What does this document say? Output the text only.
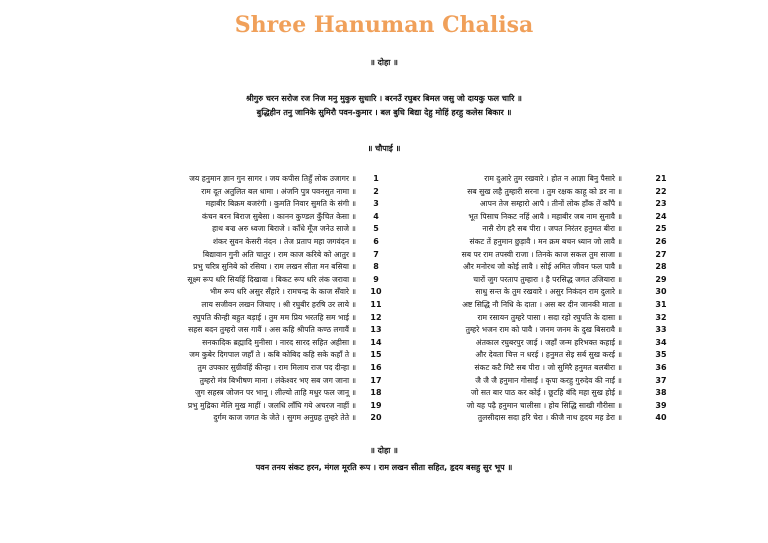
Shree Hanuman Chalisa
॥ दोहा ॥
श्रीगुरु चरन सरोज रज निज मनु मुकुरु सुधारि । बरनउँ रघुबर बिमल जसु जो दायकु फल चारि ॥
बुद्धिहीन तनु जानिके सुमिरौ पवन-कुमार । बल बुधि बिद्या देहु मोहिं हरहु कलेस बिकार ॥
॥ चौपाई ॥
जय हनुमान ज्ञान गुन सागर । जय कपीस तिहुँ लोक उजागर ॥	1
राम दूत अतुलित बल धामा । अंजनि पुत्र पवनसुत नामा ॥	2
महाबीर बिक्रम बजरंगी । कुमति निवार सुमति के संगी ॥	3
कंचन बरन बिराज सुबेसा । कानन कुण्डल कुँचित केसा ॥	4
हाथ बज्र अरु ध्वजा बिराजे । काँधे मूँज जनेउ साजे ॥	5
शंकर सुवन केसरी नंदन । तेज प्रताप महा जगवंदन ॥	6
बिद्यावान गुनी अति चातुर । राम काज करिबे को आतुर ॥	7
प्रभु चरित्र सुनिबे को रसिया । राम लखन सीता मन बसिया ॥	8
सूक्ष्म रूप धरि सियहिं दिखावा । बिकट रूप धरि लंक जरावा ॥	9
भीम रूप धरि असुर सँहारे । रामचन्द्र के काज सँवारे ॥	10
लाय सजीवन लखन जियाए । श्री रघुबीर हरषि उर लाये ॥	11
रघुपति कीन्ही बहुत बड़ाई । तुम मम प्रिय भरतहि सम भाई ॥	12
सहस बदन तुम्हरो जस गावैं । अस कहि श्रीपति कण्ठ लगावैं ॥	13
सनकादिक ब्रह्मादि मुनीसा । नारद सारद सहित अहीसा ॥	14
जम कुबेर दिगपाल जहाँ ते । कबि कोबिद कहि सके कहाँ ते ॥	15
तुम उपकार सुग्रीवहिं कीन्हा । राम मिलाय राज पद दीन्हा ॥	16
तुम्हरो मंत्र बिभीषण माना । लंकेश्वर भए सब जग जाना ॥	17
जुग सहस्त्र जोजन पर भानू । लील्यो ताहि मधुर फल जानू ॥	18
प्रभु मुद्रिका मेलि मुख माहीं । जलधि लाँघि गये अचरज नाहीं ॥	19
दुर्गम काज जगत के जेते । सुगम अनुग्रह तुम्हरे तेते ॥	20
राम दुआरे तुम रखवारे । होत न आज्ञा बिनु पैसारे ॥	21
सब सुख लहै तुम्हारी सरना । तुम रक्षक काहू को डर ना ॥	22
आपन तेज सम्हारो आपै । तीनों लोक हाँक तें काँपै ॥	23
भूत पिसाच निकट नहिं आवै । महाबीर जब नाम सुनावै ॥	24
नासै रोग हरै सब पीरा । जपत निरंतर हनुमत बीरा ॥	25
संकट तें हनुमान छुड़ावै । मन क्रम बचन ध्यान जो लावै ॥	26
सब पर राम तपस्वी राजा । तिनके काज सकल तुम साजा ॥	27
और मनोरथ जो कोई लावै । सोई अमित जीवन फल पावै ॥	28
चारों जुग परताप तुम्हारा । है परसिद्ध जगत उजियारा ॥	29
साधु सन्त के तुम रखवारे । असुर निकंदन राम दुलारे ॥	30
अष्ट सिद्धि नौ निधि के दाता । अस बर दीन जानकी माता ॥	31
राम रसायन तुम्हरे पासा । सदा रहो रघुपति के दासा ॥	32
तुम्हरे भजन राम को पावै । जनम जनम के दुख बिसरावै ॥	33
अंतकाल रघुबरपुर जाई । जहाँ जन्म हरिभक्त कहाई ॥	34
और देवता चित्त न धरई । हनुमत सेइ सर्ब सुख करई ॥	35
संकट कटै मिटै सब पीरा । जो सुमिरै हनुमत बलबीरा ॥	36
जै जै जै हनुमान गोसाईं । कृपा करहु गुरुदेव की नाईं ॥	37
जो सत बार पाठ कर कोई । छूटहि बंदि महा सुख होई ॥	38
जो यह पढ़ै हनुमान चालीसा । होय सिद्धि साखी गौरीसा ॥	39
तुलसीदास सदा हरि चेरा । कीजै नाथ हृदय मह डेरा ॥	40
॥ दोहा ॥
पवन तनय संकट हरन, मंगल मूरति रूप । राम लखन सीता सहित, हृदय बसहु सुर भूप ॥
